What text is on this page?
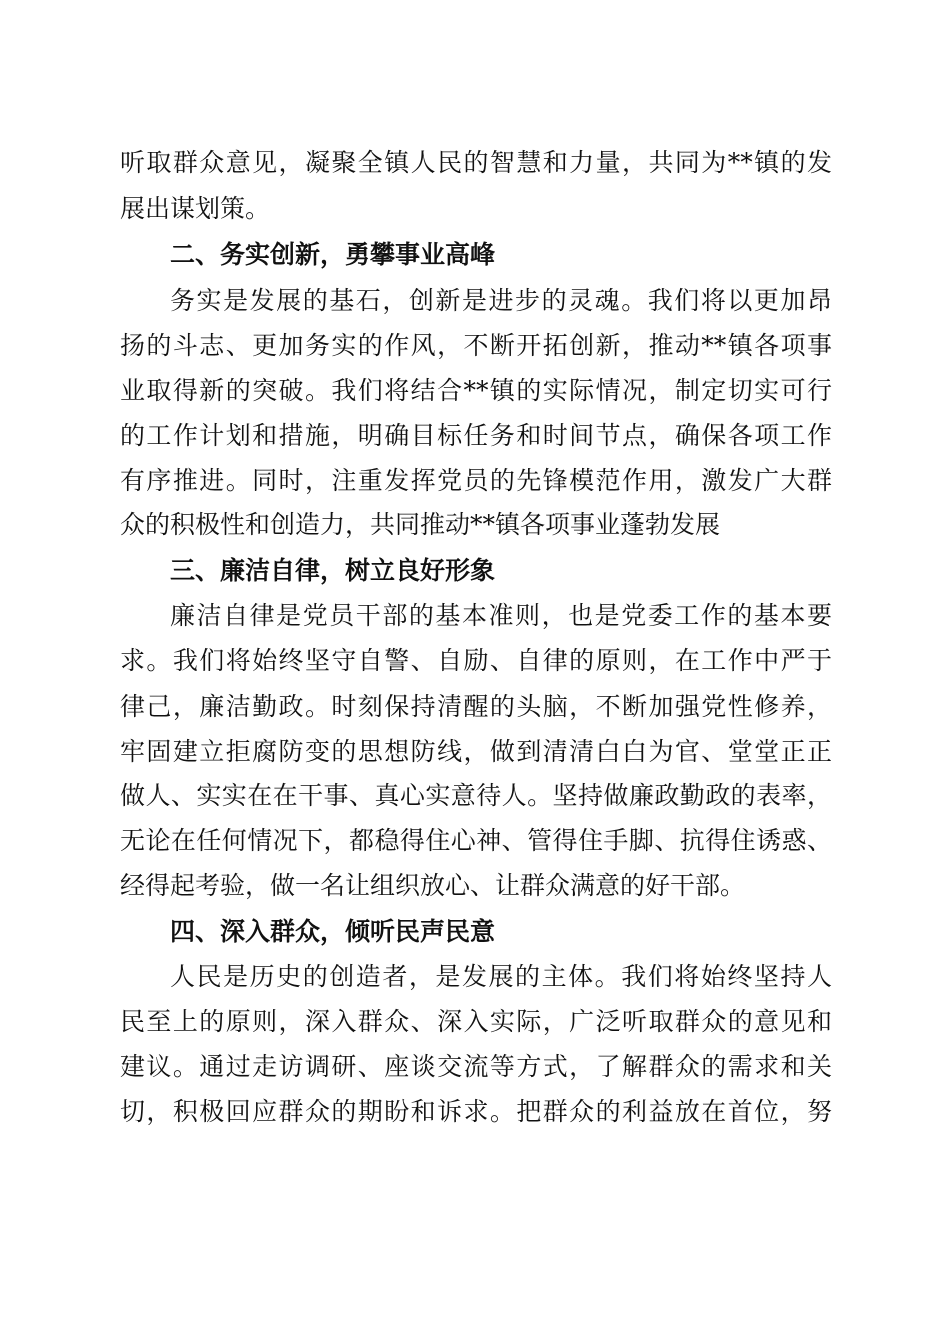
听取群众意见，凝聚全镇人民的智慧和力量，共同为**镇的发
展出谋划策。
二、务实创新，勇攀事业高峰
务实是发展的基石，创新是进步的灵魂。我们将以更加昂
扬的斗志、更加务实的作风，不断开拓创新，推动**镇各项事
业取得新的突破。我们将结合**镇的实际情况，制定切实可行
的工作计划和措施，明确目标任务和时间节点，确保各项工作
有序推进。同时，注重发挥党员的先锋模范作用，激发广大群
众的积极性和创造力，共同推动**镇各项事业蓬勃发展
三、廉洁自律，树立良好形象
廉洁自律是党员干部的基本准则，也是党委工作的基本要
求。我们将始终坚守自警、自励、自律的原则，在工作中严于
律己，廉洁勤政。时刻保持清醒的头脑，不断加强党性修养，
牢固建立拒腐防变的思想防线，做到清清白白为官、堂堂正正
做人、实实在在干事、真心实意待人。坚持做廉政勤政的表率，
无论在任何情况下，都稳得住心神、管得住手脚、抗得住诱惑、
经得起考验，做一名让组织放心、让群众满意的好干部。
四、深入群众，倾听民声民意
人民是历史的创造者，是发展的主体。我们将始终坚持人
民至上的原则，深入群众、深入实际，广泛听取群众的意见和
建议。通过走访调研、座谈交流等方式，了解群众的需求和关
切，积极回应群众的期盼和诉求。把群众的利益放在首位，努
